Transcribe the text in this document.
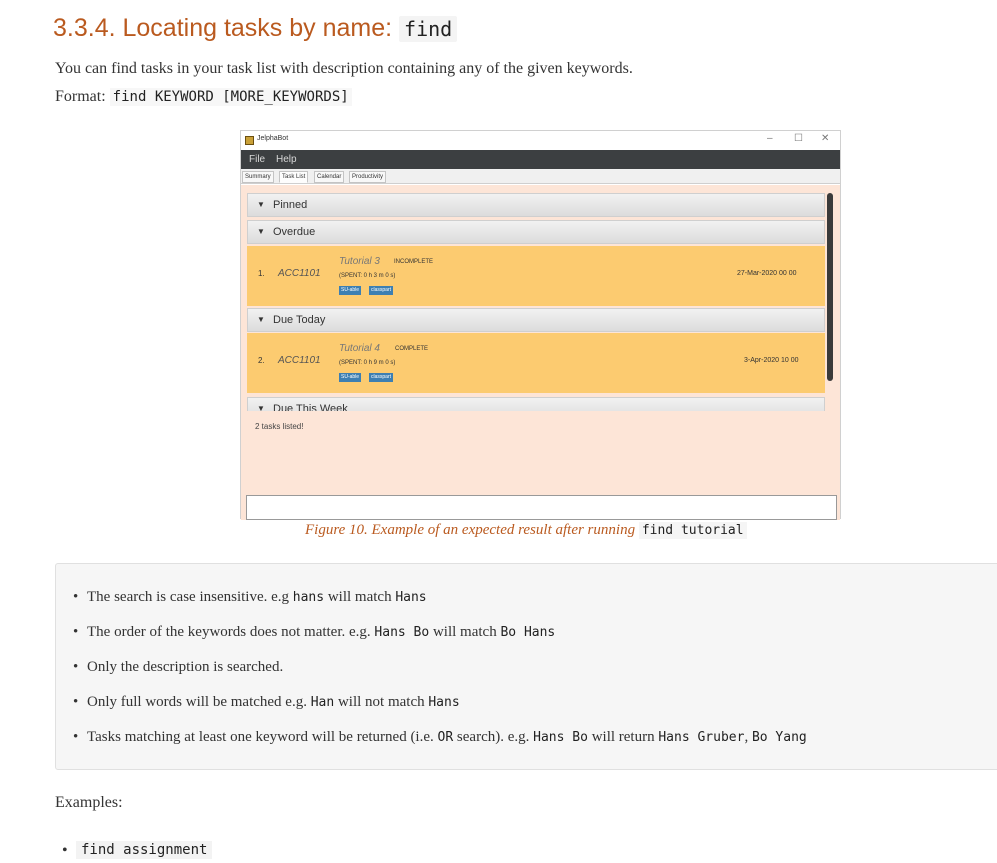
3.3.4. Locating tasks by name: find

You can find tasks in your task list with description containing any of the given keywords.

Format: find KEYWORD [MORE_KEYWORDS]

JelphaBot	– ☐ ✕
File Help
Summary	Task List	Calendar	Productivity
▼ Pinned
▼ Overdue
1. ACC1101
Tutorial 3 INCOMPLETE
(SPENT: 0 h 3 m 0 s)
SU-able	classpart
27-Mar-2020 00 00
▼ Due Today
2. ACC1101
Tutorial 4	COMPLETE
(SPENT: 0 h 9 m 0 s)
SU-able	classpart
3-Apr-2020 10 00
▼ Due This Week
2 tasks listed!

Figure 10. Example of an expected result after running find tutorial

• The search is case insensitive. e.g hans will match Hans
• The order of the keywords does not matter. e.g. Hans Bo will match Bo Hans
• Only the description is searched.
• Only full words will be matched e.g. Han will not match Hans
• Tasks matching at least one keyword will be returned (i.e. OR search). e.g. Hans Bo will return Hans Gruber, Bo Yang

Examples:

• find assignment
